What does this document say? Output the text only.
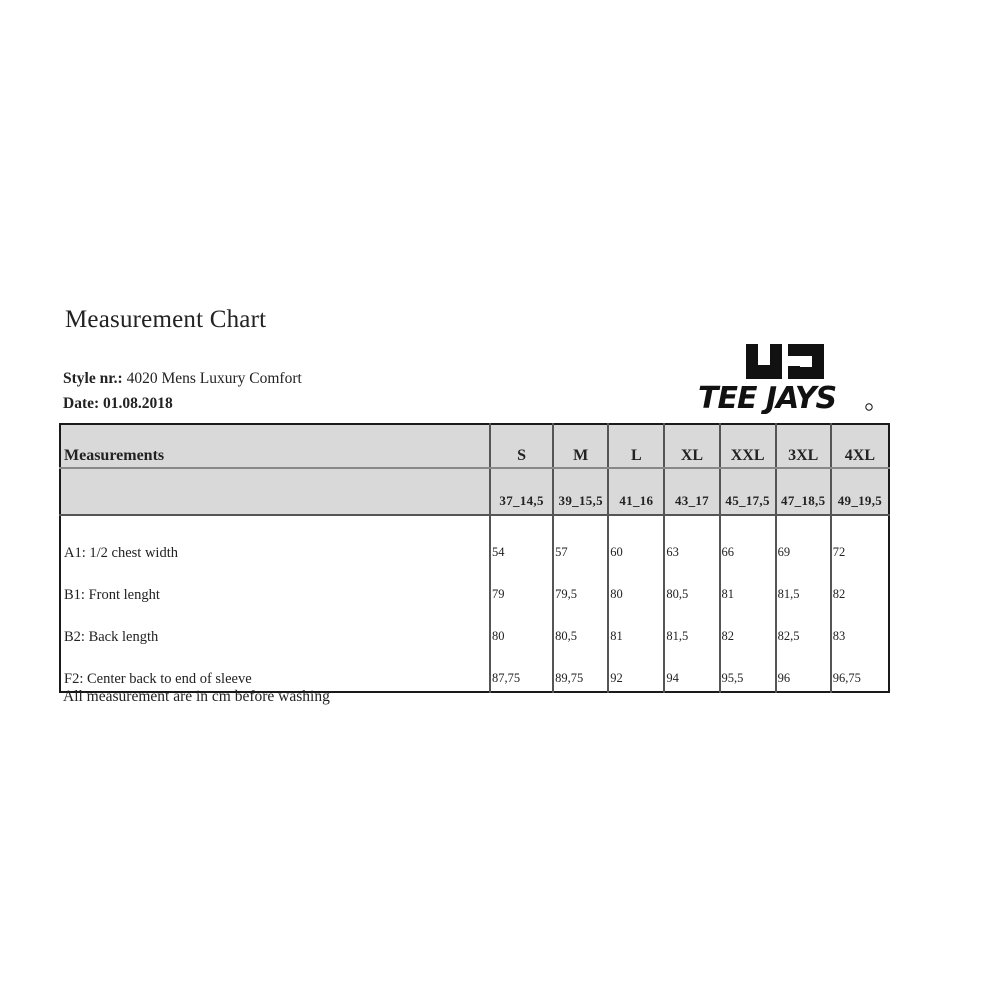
Measurement Chart
Style nr.: 4020 Mens Luxury Comfort
Date: 01.08.2018	TEE JAYS
Measurements	S	M	L	XL	XXL	3XL	4XL
	37_14,5	39_15,5	41_16	43_17	45_17,5	47_18,5	49_19,5
A1: 1/2 chest width	54	57	60	63	66	69	72
B1: Front lenght	79	79,5	80	80,5	81	81,5	82
B2: Back length	80	80,5	81	81,5	82	82,5	83
F2: Center back to end of sleeve	87,75	89,75	92	94	95,5	96	96,75
All measurement are in cm before washing
